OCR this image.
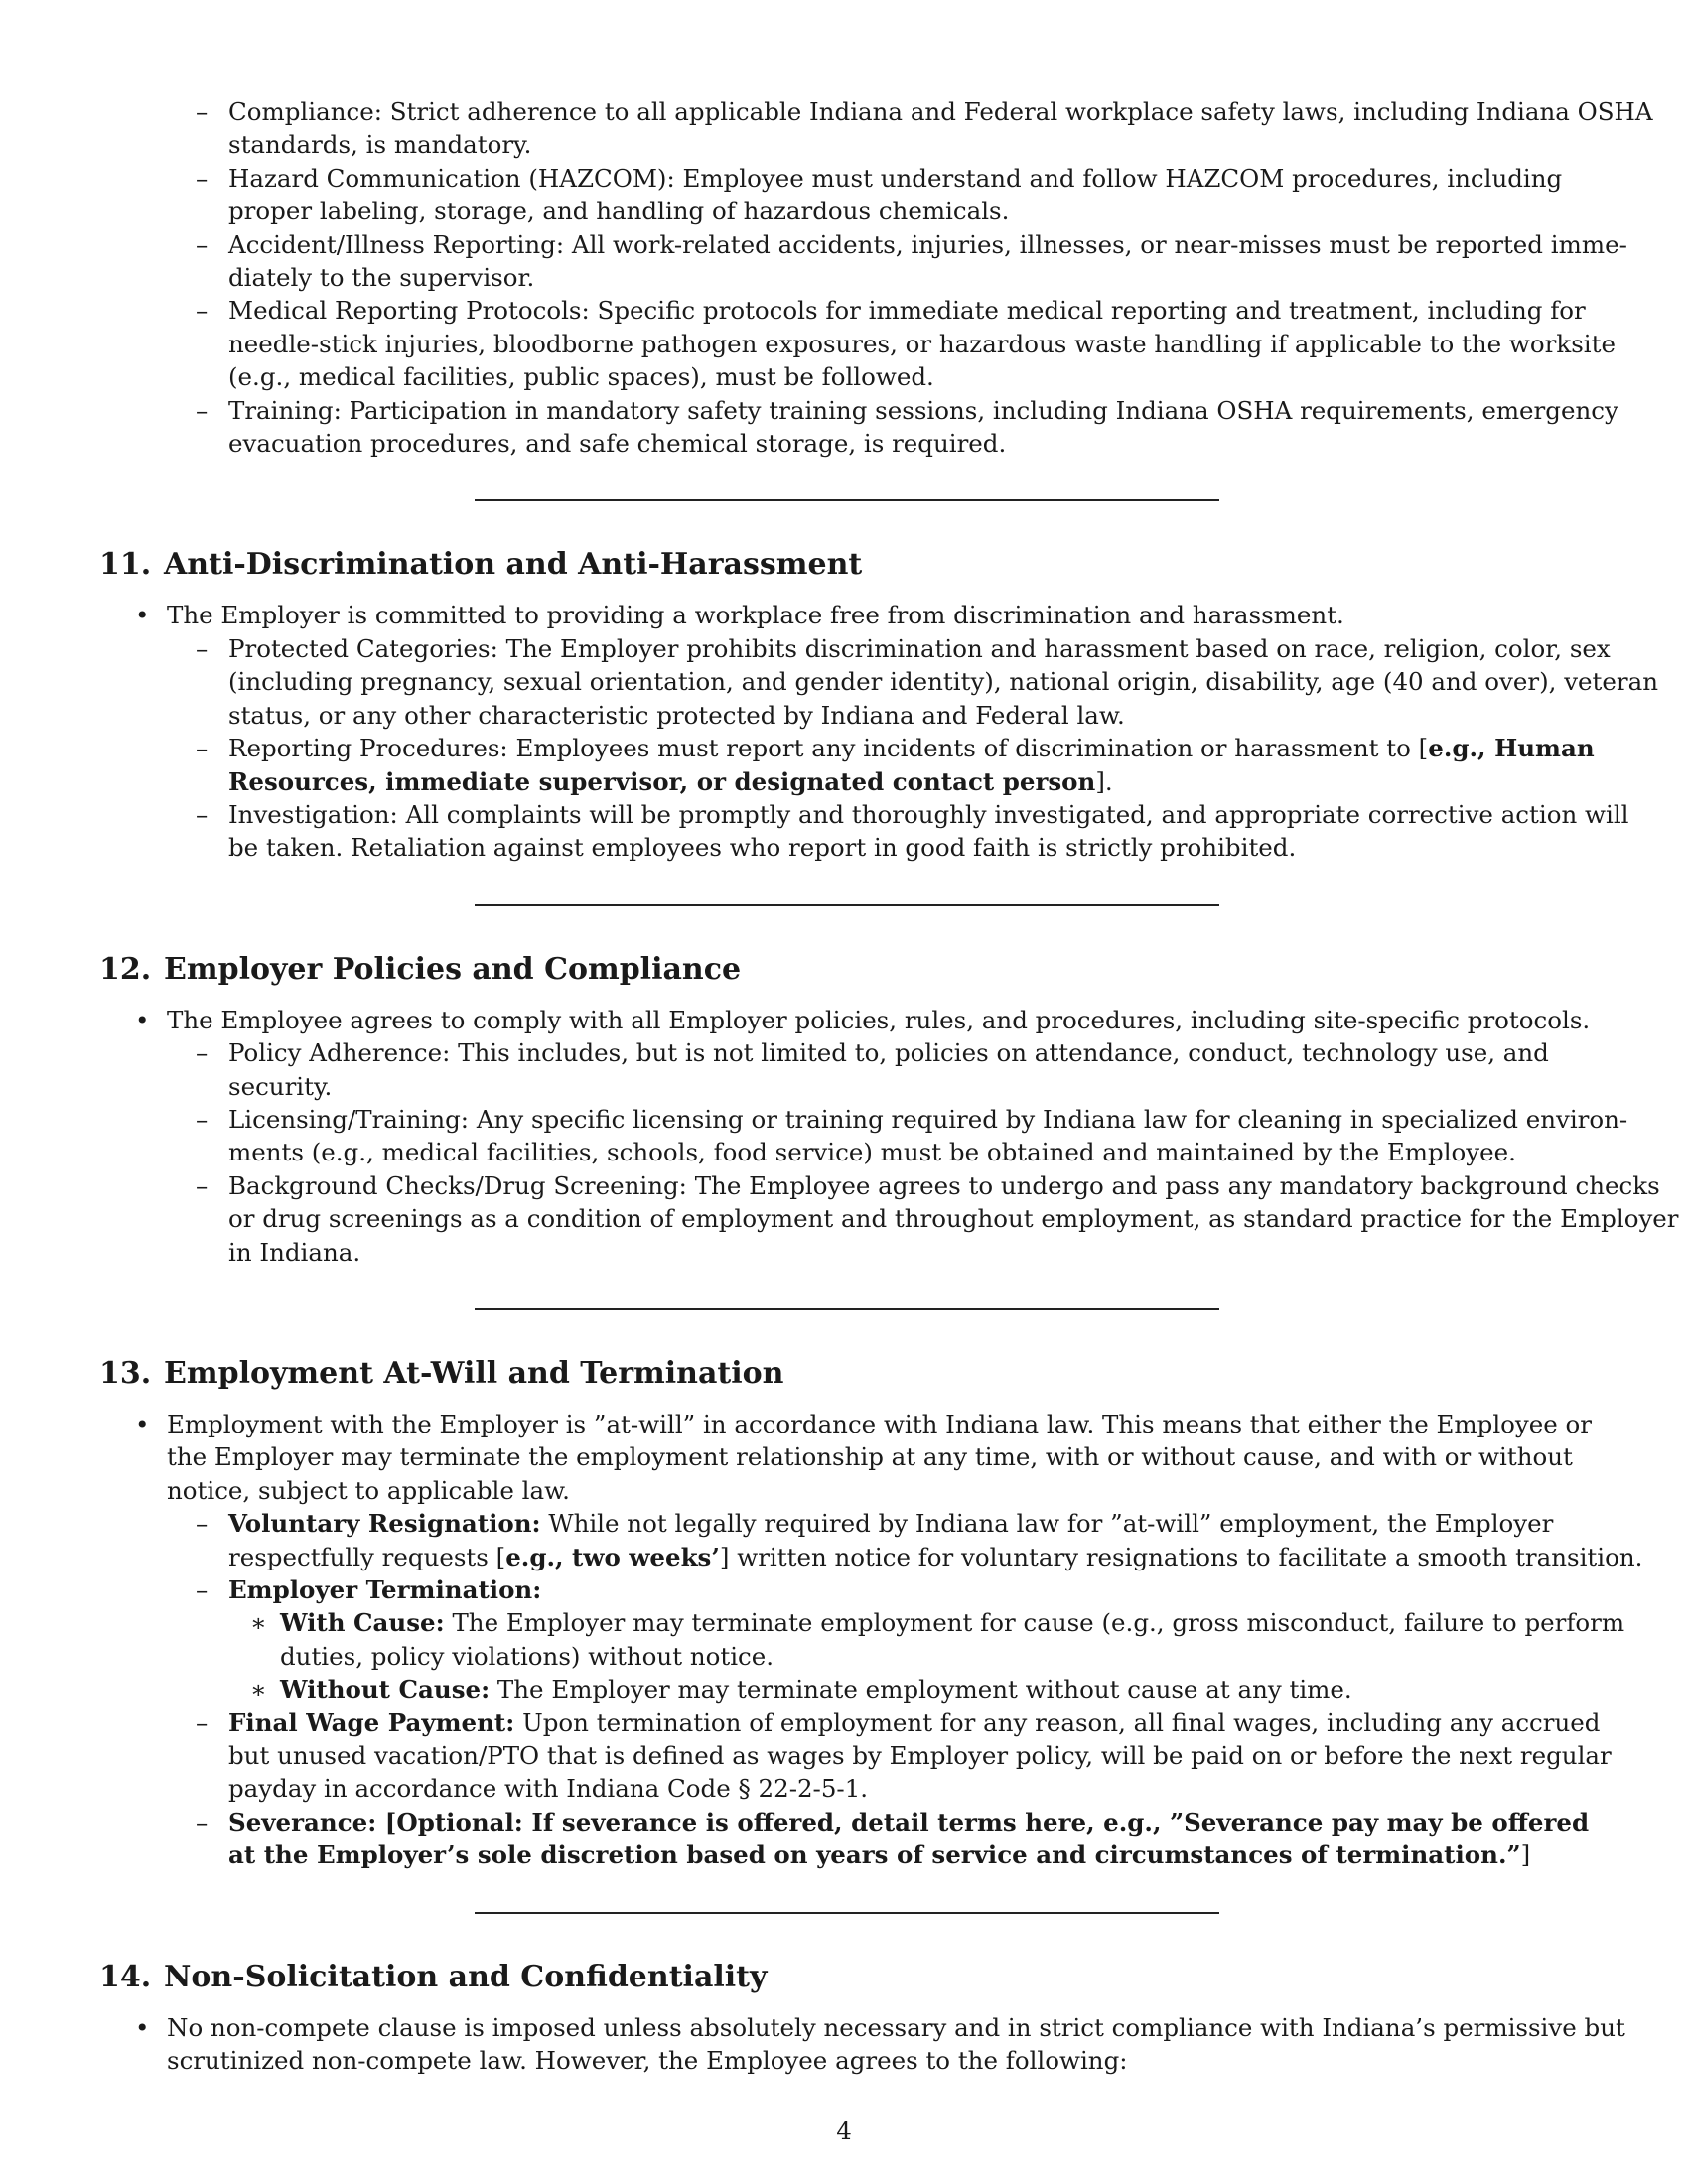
– Compliance: Strict adherence to all applicable Indiana and Federal workplace safety laws, including Indiana OSHA
standards, is mandatory.
– Hazard Communication (HAZCOM): Employee must understand and follow HAZCOM procedures, including
proper labeling, storage, and handling of hazardous chemicals.
– Accident/Illness Reporting: All work-related accidents, injuries, illnesses, or near-misses must be reported imme-
diately to the supervisor.
– Medical Reporting Protocols: Specific protocols for immediate medical reporting and treatment, including for
needle-stick injuries, bloodborne pathogen exposures, or hazardous waste handling if applicable to the worksite
(e.g., medical facilities, public spaces), must be followed.
– Training: Participation in mandatory safety training sessions, including Indiana OSHA requirements, emergency
evacuation procedures, and safe chemical storage, is required.
11. Anti-Discrimination and Anti-Harassment
• The Employer is committed to providing a workplace free from discrimination and harassment.
– Protected Categories: The Employer prohibits discrimination and harassment based on race, religion, color, sex
(including pregnancy, sexual orientation, and gender identity), national origin, disability, age (40 and over), veteran
status, or any other characteristic protected by Indiana and Federal law.
– Reporting Procedures: Employees must report any incidents of discrimination or harassment to [e.g., Human
Resources, immediate supervisor, or designated contact person].
– Investigation: All complaints will be promptly and thoroughly investigated, and appropriate corrective action will
be taken. Retaliation against employees who report in good faith is strictly prohibited.
12. Employer Policies and Compliance
• The Employee agrees to comply with all Employer policies, rules, and procedures, including site-specific protocols.
– Policy Adherence: This includes, but is not limited to, policies on attendance, conduct, technology use, and
security.
– Licensing/Training: Any specific licensing or training required by Indiana law for cleaning in specialized environ-
ments (e.g., medical facilities, schools, food service) must be obtained and maintained by the Employee.
– Background Checks/Drug Screening: The Employee agrees to undergo and pass any mandatory background checks
or drug screenings as a condition of employment and throughout employment, as standard practice for the Employer
in Indiana.
13. Employment At-Will and Termination
• Employment with the Employer is ”at-will” in accordance with Indiana law. This means that either the Employee or
the Employer may terminate the employment relationship at any time, with or without cause, and with or without
notice, subject to applicable law.
– Voluntary Resignation: While not legally required by Indiana law for ”at-will” employment, the Employer
respectfully requests [e.g., two weeks’] written notice for voluntary resignations to facilitate a smooth transition.
– Employer Termination:
∗ With Cause: The Employer may terminate employment for cause (e.g., gross misconduct, failure to perform
duties, policy violations) without notice.
∗ Without Cause: The Employer may terminate employment without cause at any time.
– Final Wage Payment: Upon termination of employment for any reason, all final wages, including any accrued
but unused vacation/PTO that is defined as wages by Employer policy, will be paid on or before the next regular
payday in accordance with Indiana Code § 22-2-5-1.
– Severance: [Optional: If severance is offered, detail terms here, e.g., ”Severance pay may be offered
at the Employer’s sole discretion based on years of service and circumstances of termination.”]
14. Non-Solicitation and Confidentiality
• No non-compete clause is imposed unless absolutely necessary and in strict compliance with Indiana’s permissive but
scrutinized non-compete law. However, the Employee agrees to the following:
4
